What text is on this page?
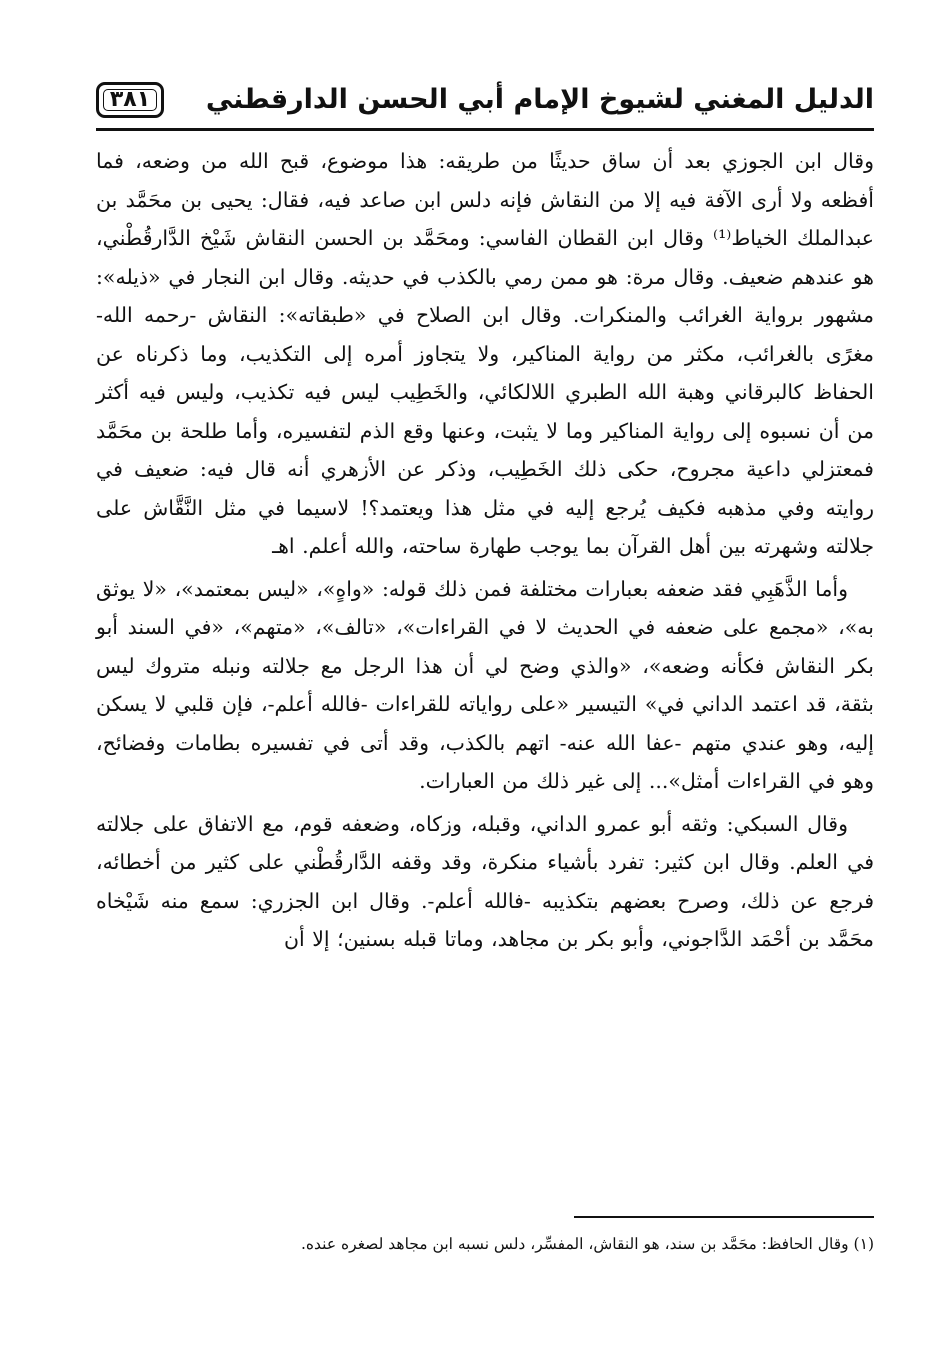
الدليل المغني لشيوخ الإمام أبي الحسن الدارقطني
٣٨١

وقال ابن الجوزي بعد أن ساق حديثًا من طريقه: هذا موضوع، قبح الله من وضعه، فما أفظعه ولا أرى الآفة فيه إلا من النقاش فإنه دلس ابن صاعد فيه، فقال: يحيى بن محَمَّد بن عبدالملك الخياط⁽¹⁾ وقال ابن القطان الفاسي: ومحَمَّد بن الحسن النقاش شَيْخ الدَّارقُطْني، هو عندهم ضعيف. وقال مرة: هو ممن رمي بالكذب في حديثه. وقال ابن النجار في «ذيله»: مشهور برواية الغرائب والمنكرات. وقال ابن الصلاح في «طبقاته»: النقاش -رحمه الله- مغرًى بالغرائب، مكثر من رواية المناكير، ولا يتجاوز أمره إلى التكذيب، وما ذكرناه عن الحفاظ كالبرقاني وهبة الله الطبري اللالكائي، والخَطِيب ليس فيه تكذيب، وليس فيه أكثر من أن نسبوه إلى رواية المناكير وما لا يثبت، وعنها وقع الذم لتفسيره، وأما طلحة بن محَمَّد فمعتزلي داعية مجروح، حكى ذلك الخَطِيب، وذكر عن الأزهري أنه قال فيه: ضعيف في روايته وفي مذهبه فكيف يُرجع إليه في مثل هذا ويعتمد؟! لاسيما في مثل النَّقَّاش على جلالته وشهرته بين أهل القرآن بما يوجب طهارة ساحته، والله أعلم. اهـ

وأما الذَّهَبِي فقد ضعفه بعبارات مختلفة فمن ذلك قوله: «واهٍ»، «ليس بمعتمد»، «لا يوثق به»، «مجمع على ضعفه في الحديث لا في القراءات»، «تالف»، «متهم»، «في السند أبو بكر النقاش فكأنه وضعه»، «والذي وضح لي أن هذا الرجل مع جلالته ونبله متروك ليس بثقة، قد اعتمد الداني في» التيسير «على رواياته للقراءات -فالله أعلم-، فإن قلبي لا يسكن إليه، وهو عندي متهم -عفا الله عنه- اتهم بالكذب، وقد أتى في تفسيره بطامات وفضائح، وهو في القراءات أمثل»... إلى غير ذلك من العبارات.

وقال السبكي: وثقه أبو عمرو الداني، وقبله، وزكاه، وضعفه قوم، مع الاتفاق على جلالته في العلم. وقال ابن كثير: تفرد بأشياء منكرة، وقد وقفه الدَّارقُطْني على كثير من أخطائه، فرجع عن ذلك، وصرح بعضهم بتكذيبه -فالله أعلم-. وقال ابن الجزري: سمع منه شَيْخاه محَمَّد بن أحْمَد الدَّاجوني، وأبو بكر بن مجاهد، وماتا قبله بسنين؛ إلا أن

(١) وقال الحافظ: محَمَّد بن سند، هو النقاش، المفسِّر، دلس نسبه ابن مجاهد لصغره عنده.
